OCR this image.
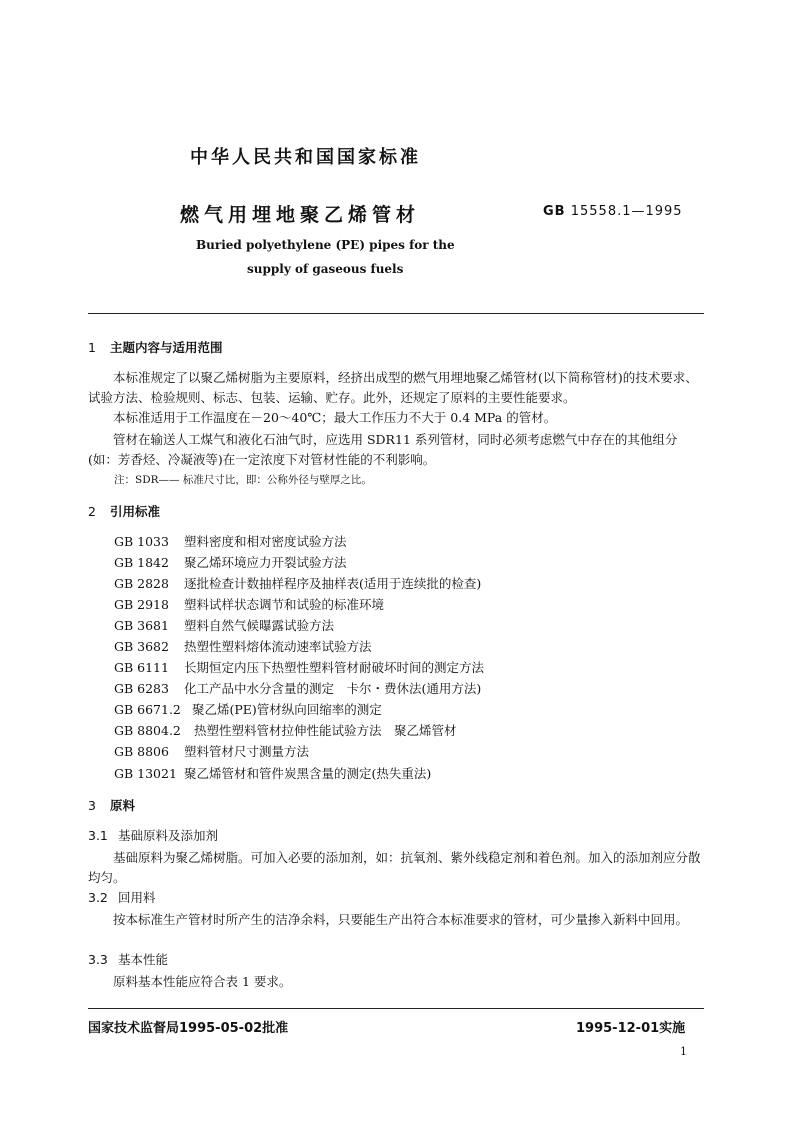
中华人民共和国国家标准
燃气用埋地聚乙烯管材	GB 15558.1—1995
Buried polyethylene (PE) pipes for the
supply of gaseous fuels
1 主题内容与适用范围
本标准规定了以聚乙烯树脂为主要原料，经挤出成型的燃气用埋地聚乙烯管材(以下简称管材)的技术要求、试验方法、检验规则、标志、包装、运输、贮存。此外，还规定了原料的主要性能要求。
本标准适用于工作温度在－20～40℃；最大工作压力不大于 0.4 MPa 的管材。
管材在输送人工煤气和液化石油气时，应选用 SDR11 系列管材，同时必须考虑燃气中存在的其他组分(如：芳香烃、冷凝液等)在一定浓度下对管材性能的不利影响。
注：SDR—— 标准尺寸比，即：公称外径与壁厚之比。
2 引用标准
GB 1033 塑料密度和相对密度试验方法
GB 1842 聚乙烯环境应力开裂试验方法
GB 2828 逐批检查计数抽样程序及抽样表(适用于连续批的检查)
GB 2918 塑料试样状态调节和试验的标准环境
GB 3681 塑料自然气候曝露试验方法
GB 3682 热塑性塑料熔体流动速率试验方法
GB 6111 长期恒定内压下热塑性塑料管材耐破坏时间的测定方法
GB 6283 化工产品中水分含量的测定　卡尔・费休法(通用方法)
GB 6671.2 聚乙烯(PE)管材纵向回缩率的测定
GB 8804.2 热塑性塑料管材拉伸性能试验方法　聚乙烯管材
GB 8806 塑料管材尺寸测量方法
GB 13021 聚乙烯管材和管件炭黑含量的测定(热失重法)
3 原料
3.1 基础原料及添加剂
基础原料为聚乙烯树脂。可加入必要的添加剂，如：抗氧剂、紫外线稳定剂和着色剂。加入的添加剂应分散均匀。
3.2 回用料
按本标准生产管材时所产生的洁净余料，只要能生产出符合本标准要求的管材，可少量掺入新料中回用。
3.3 基本性能
原料基本性能应符合表 1 要求。
国家技术监督局1995-05-02批准	1995-12-01实施
1
